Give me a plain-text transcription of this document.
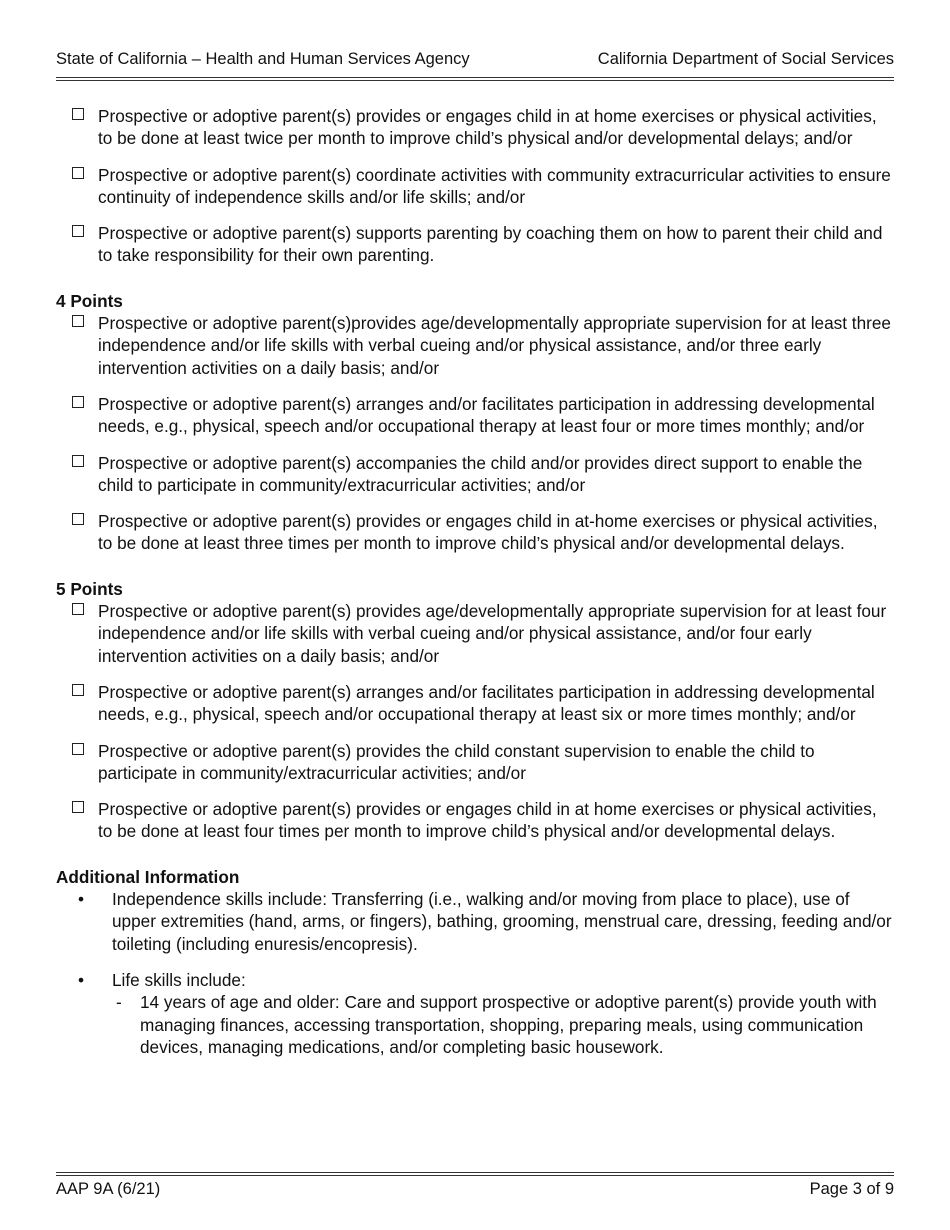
State of California – Health and Human Services Agency	California Department of Social Services
Prospective or adoptive parent(s) provides or engages child in at home exercises or physical activities, to be done at least twice per month to improve child’s physical and/or developmental delays; and/or
Prospective or adoptive parent(s) coordinate activities with community extracurricular activities to ensure continuity of independence skills and/or life skills; and/or
Prospective or adoptive parent(s) supports parenting by coaching them on how to parent their child and to take responsibility for their own parenting.
4 Points
Prospective or adoptive parent(s)provides age/developmentally appropriate supervision for at least three independence and/or life skills with verbal cueing and/or physical assistance, and/or three early intervention activities on a daily basis; and/or
Prospective or adoptive parent(s) arranges and/or facilitates participation in addressing developmental needs, e.g., physical, speech and/or occupational therapy at least four or more times monthly; and/or
Prospective or adoptive parent(s) accompanies the child and/or provides direct support to enable the child to participate in community/extracurricular activities; and/or
Prospective or adoptive parent(s) provides or engages child in at-home exercises or physical activities, to be done at least three times per month to improve child’s physical and/or developmental delays.
5 Points
Prospective or adoptive parent(s) provides age/developmentally appropriate supervision for at least four independence and/or life skills with verbal cueing and/or physical assistance, and/or four early intervention activities on a daily basis; and/or
Prospective or adoptive parent(s) arranges and/or facilitates participation in addressing developmental needs, e.g., physical, speech and/or occupational therapy at least six or more times monthly; and/or
Prospective or adoptive parent(s) provides the child constant supervision to enable the child to participate in community/extracurricular activities; and/or
Prospective or adoptive parent(s) provides or engages child in at home exercises or physical activities, to be done at least four times per month to improve child’s physical and/or developmental delays.
Additional Information
• Independence skills include: Transferring (i.e., walking and/or moving from place to place), use of upper extremities (hand, arms, or fingers), bathing, grooming, menstrual care, dressing, feeding and/or toileting (including enuresis/encopresis).
• Life skills include:
- 14 years of age and older: Care and support prospective or adoptive parent(s) provide youth with managing finances, accessing transportation, shopping, preparing meals, using communication devices, managing medications, and/or completing basic housework.
AAP 9A (6/21)	Page 3 of 9
